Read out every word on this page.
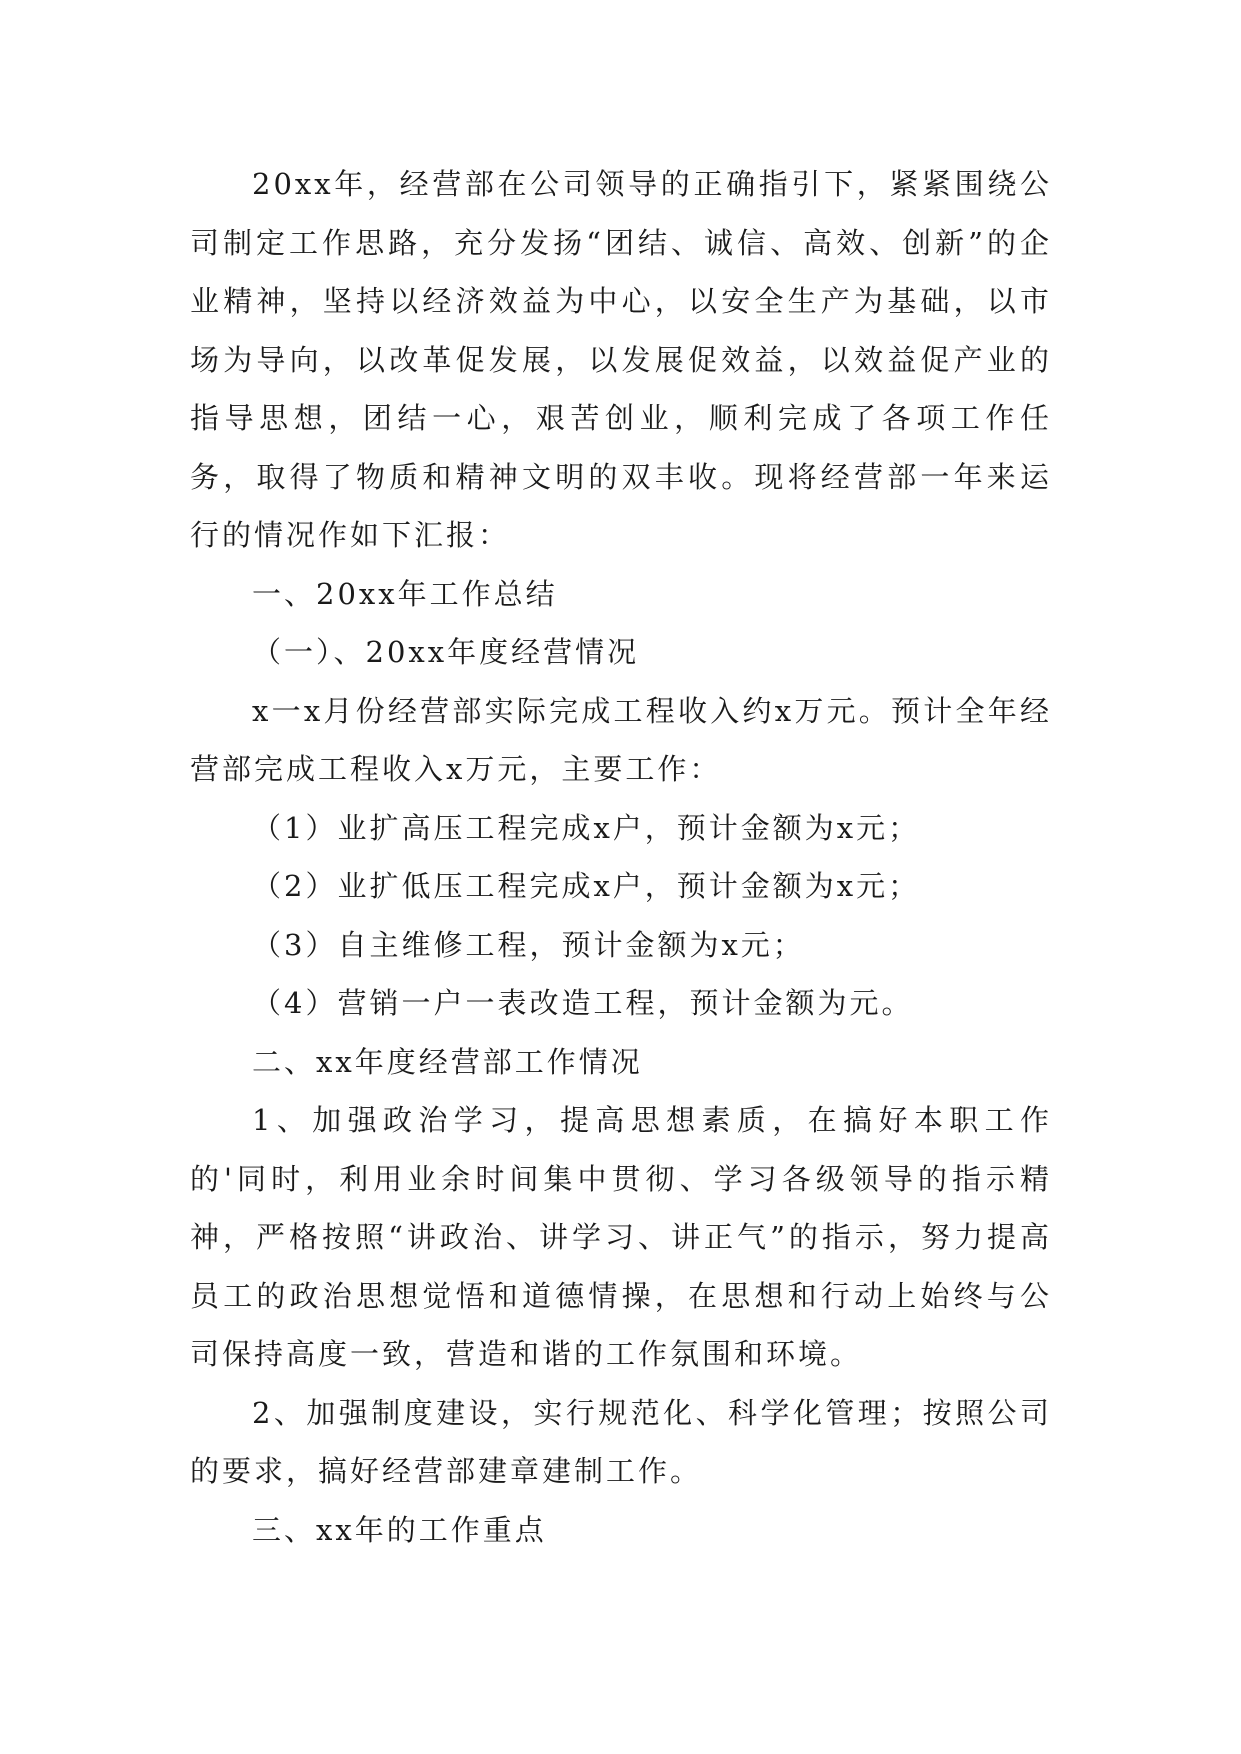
20xx年，经营部在公司领导的正确指引下，紧紧围绕公司制定工作思路，充分发扬“团结、诚信、高效、创新”的企业精神，坚持以经济效益为中心，以安全生产为基础，以市场为导向，以改革促发展，以发展促效益，以效益促产业的指导思想，团结一心，艰苦创业，顺利完成了各项工作任务，取得了物质和精神文明的双丰收。现将经营部一年来运行的情况作如下汇报：

一、20xx年工作总结

（一）、20xx年度经营情况

x一x月份经营部实际完成工程收入约x万元。预计全年经营部完成工程收入x万元，主要工作：

（1）业扩高压工程完成x户，预计金额为x元；

（2）业扩低压工程完成x户，预计金额为x元；

（3）自主维修工程，预计金额为x元；

（4）营销一户一表改造工程，预计金额为元。

二、xx年度经营部工作情况

1、加强政治学习，提高思想素质，在搞好本职工作的'同时，利用业余时间集中贯彻、学习各级领导的指示精神，严格按照“讲政治、讲学习、讲正气”的指示，努力提高员工的政治思想觉悟和道德情操，在思想和行动上始终与公司保持高度一致，营造和谐的工作氛围和环境。

2、加强制度建设，实行规范化、科学化管理；按照公司的要求，搞好经营部建章建制工作。

三、xx年的工作重点
